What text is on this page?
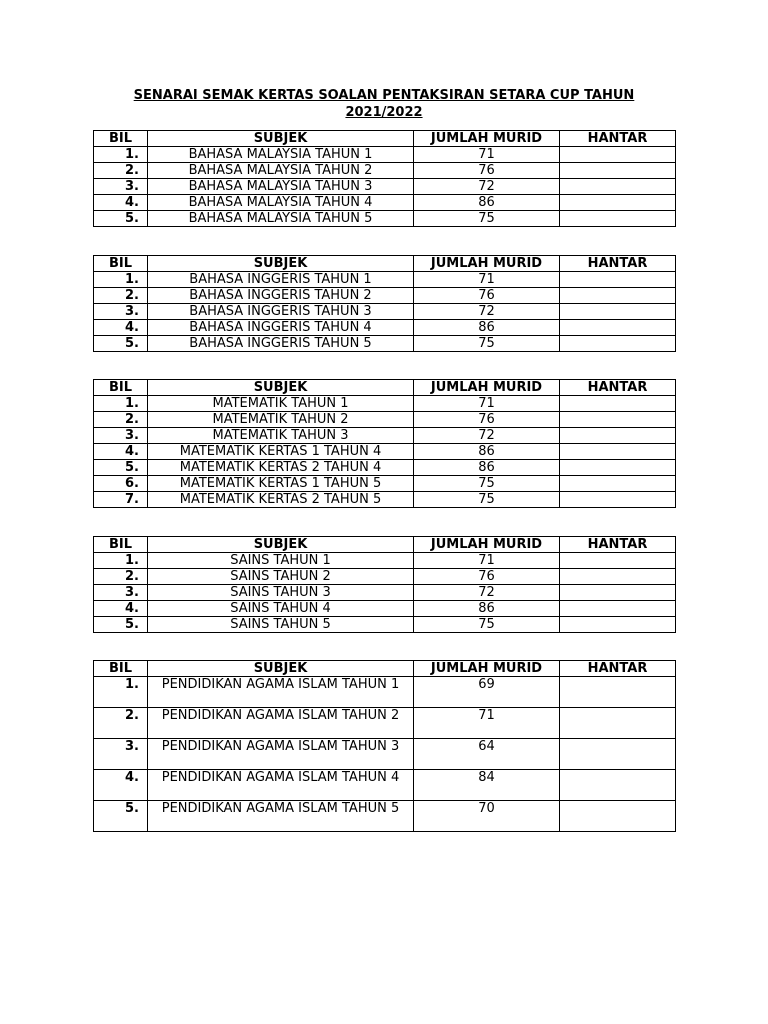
SENARAI SEMAK KERTAS SOALAN PENTAKSIRAN SETARA CUP TAHUN 2021/2022
BIL	SUBJEK	JUMLAH MURID	HANTAR
1.	BAHASA MALAYSIA TAHUN 1	71	
2.	BAHASA MALAYSIA TAHUN 2	76	
3.	BAHASA MALAYSIA TAHUN 3	72	
4.	BAHASA MALAYSIA TAHUN 4	86	
5.	BAHASA MALAYSIA TAHUN 5	75	
BIL	SUBJEK	JUMLAH MURID	HANTAR
1.	BAHASA INGGERIS TAHUN 1	71	
2.	BAHASA INGGERIS TAHUN 2	76	
3.	BAHASA INGGERIS TAHUN 3	72	
4.	BAHASA INGGERIS TAHUN 4	86	
5.	BAHASA INGGERIS TAHUN 5	75	
BIL	SUBJEK	JUMLAH MURID	HANTAR
1.	MATEMATIK TAHUN 1	71	
2.	MATEMATIK TAHUN 2	76	
3.	MATEMATIK TAHUN 3	72	
4.	MATEMATIK KERTAS 1 TAHUN 4	86	
5.	MATEMATIK KERTAS 2 TAHUN 4	86	
6.	MATEMATIK KERTAS 1 TAHUN 5	75	
7.	MATEMATIK KERTAS 2 TAHUN 5	75	
BIL	SUBJEK	JUMLAH MURID	HANTAR
1.	SAINS TAHUN 1	71	
2.	SAINS TAHUN 2	76	
3.	SAINS TAHUN 3	72	
4.	SAINS TAHUN 4	86	
5.	SAINS TAHUN 5	75	
BIL	SUBJEK	JUMLAH MURID	HANTAR
1.	PENDIDIKAN AGAMA ISLAM TAHUN 1	69	
2.	PENDIDIKAN AGAMA ISLAM TAHUN 2	71	
3.	PENDIDIKAN AGAMA ISLAM TAHUN 3	64	
4.	PENDIDIKAN AGAMA ISLAM TAHUN 4	84	
5.	PENDIDIKAN AGAMA ISLAM TAHUN 5	70	
